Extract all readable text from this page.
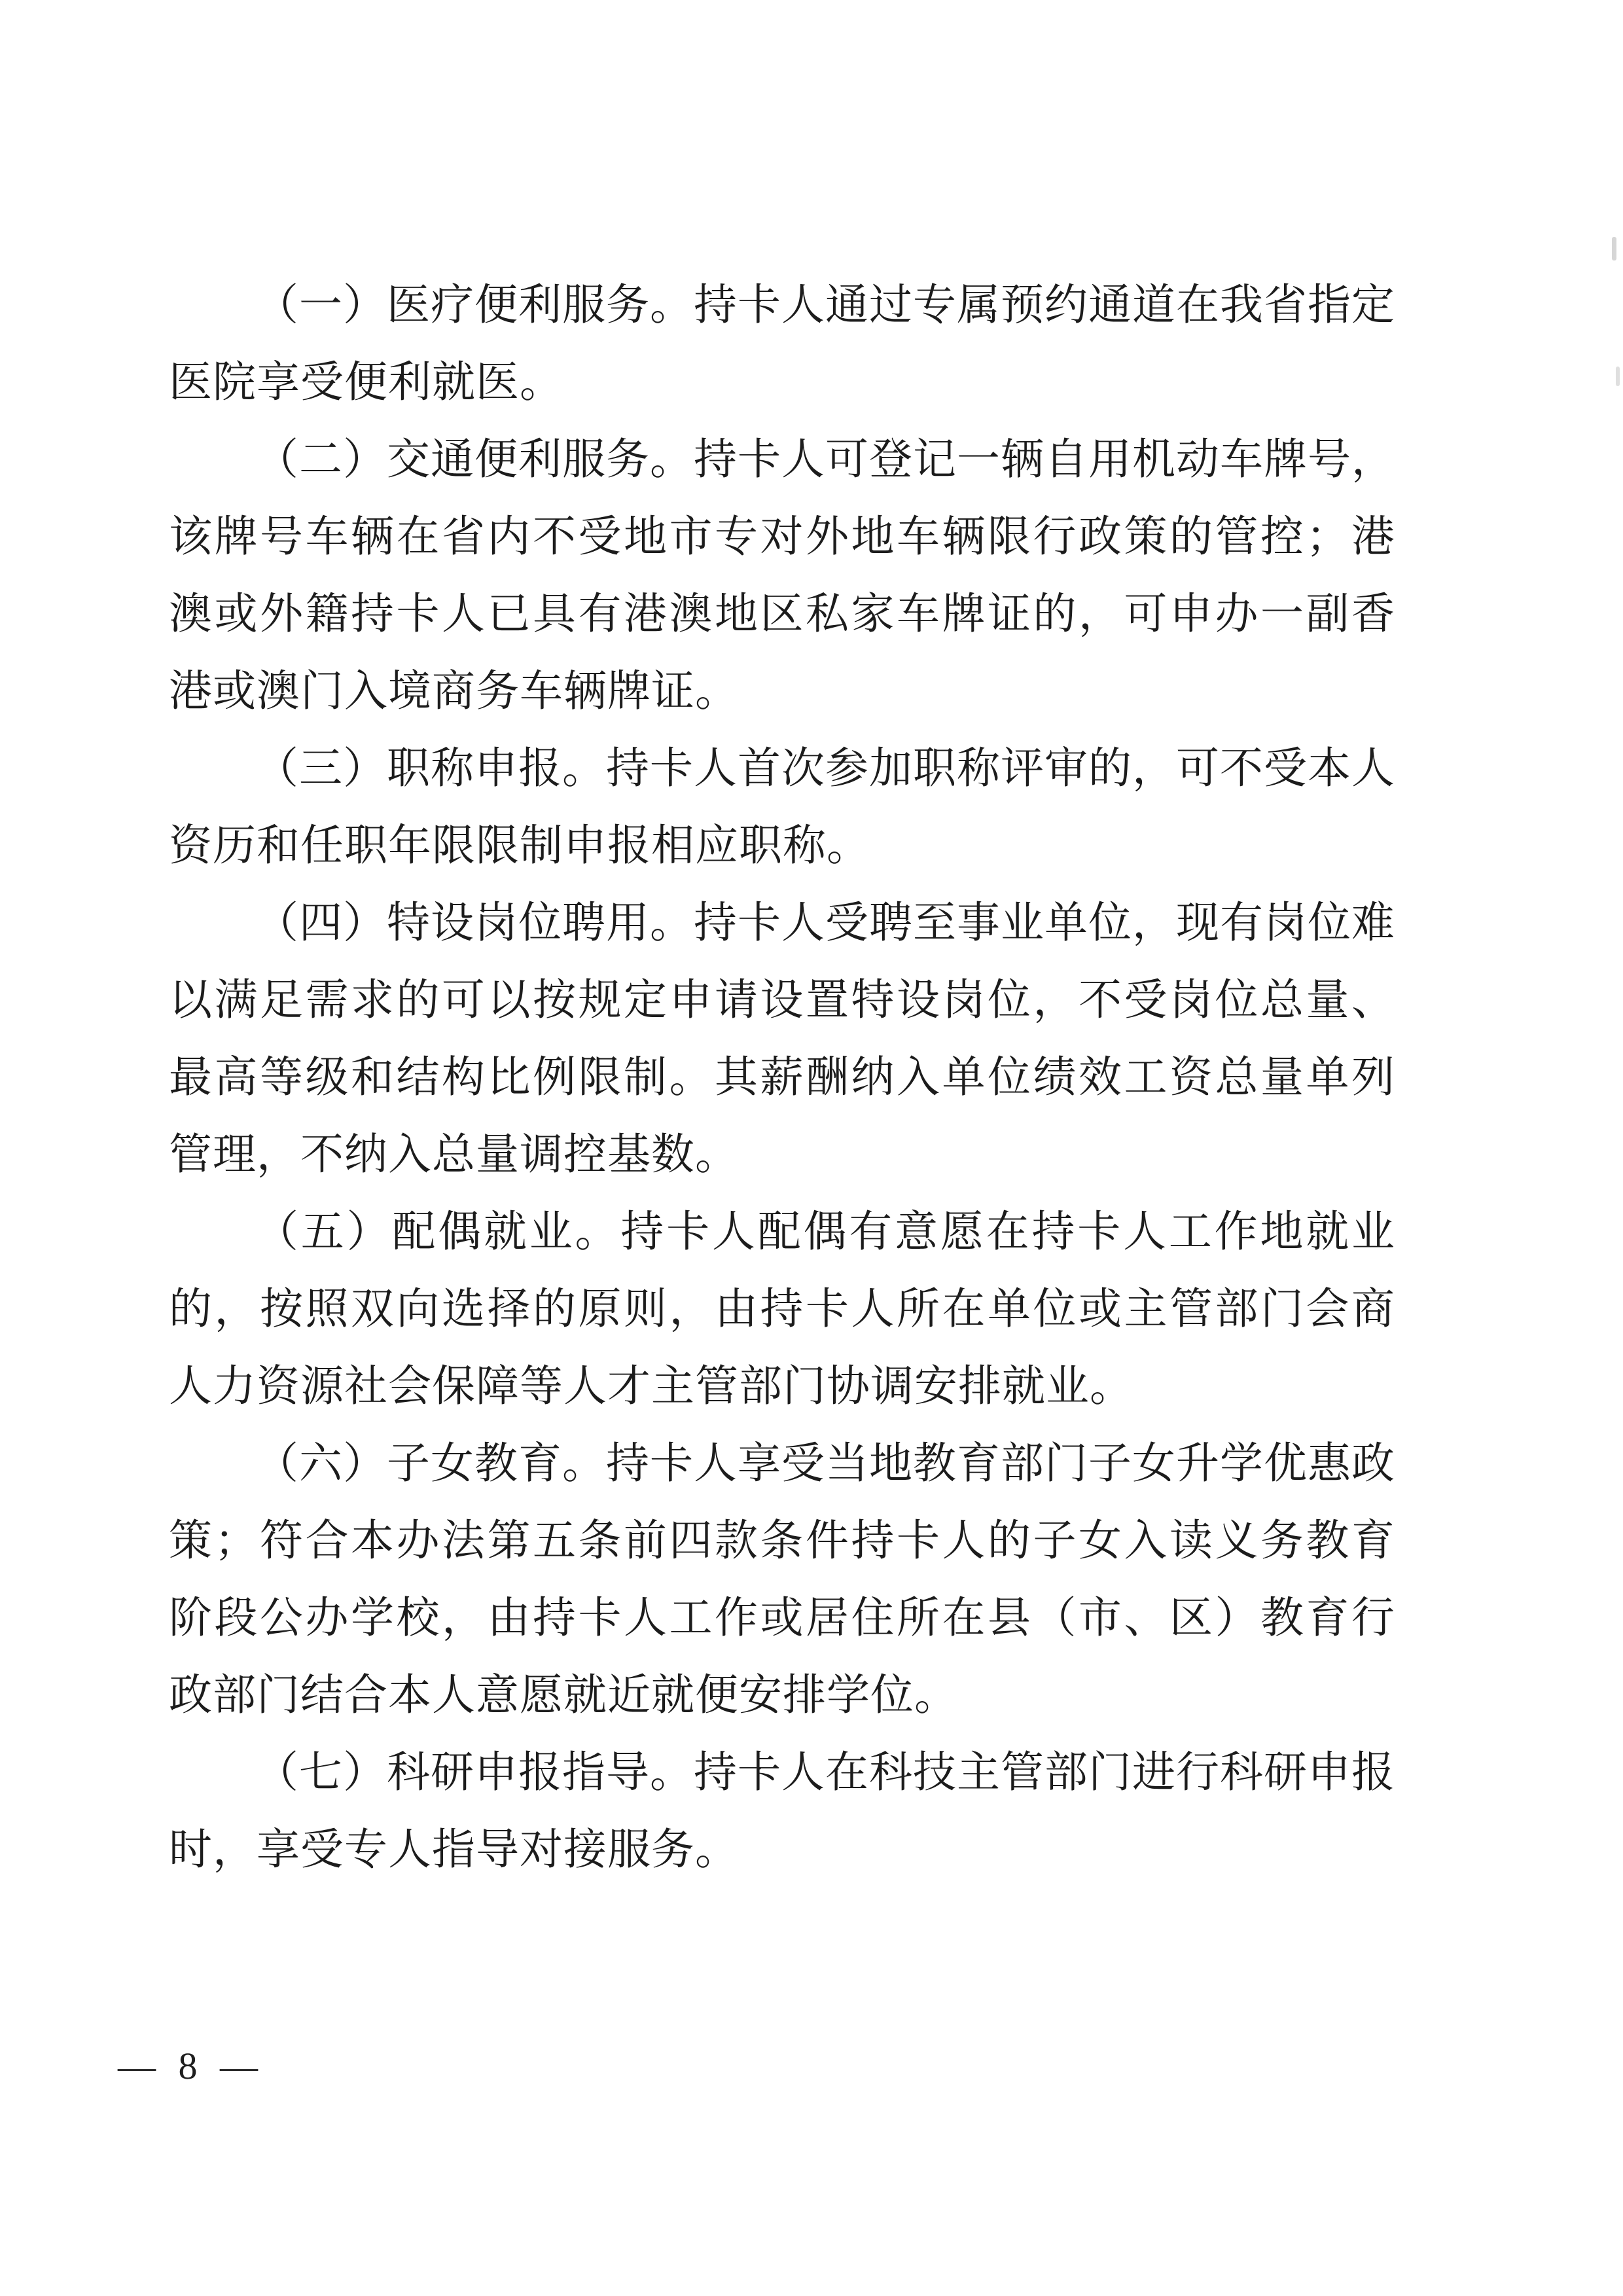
（一）医疗便利服务。持卡人通过专属预约通道在我省指定医院享受便利就医。

（二）交通便利服务。持卡人可登记一辆自用机动车牌号，该牌号车辆在省内不受地市专对外地车辆限行政策的管控；港澳或外籍持卡人已具有港澳地区私家车牌证的，可申办一副香港或澳门入境商务车辆牌证。

（三）职称申报。持卡人首次参加职称评审的，可不受本人资历和任职年限限制申报相应职称。

（四）特设岗位聘用。持卡人受聘至事业单位，现有岗位难以满足需求的可以按规定申请设置特设岗位，不受岗位总量、最高等级和结构比例限制。其薪酬纳入单位绩效工资总量单列管理，不纳入总量调控基数。

（五）配偶就业。持卡人配偶有意愿在持卡人工作地就业的，按照双向选择的原则，由持卡人所在单位或主管部门会商人力资源社会保障等人才主管部门协调安排就业。

（六）子女教育。持卡人享受当地教育部门子女升学优惠政策；符合本办法第五条前四款条件持卡人的子女入读义务教育阶段公办学校，由持卡人工作或居住所在县（市、区）教育行政部门结合本人意愿就近就便安排学位。

（七）科研申报指导。持卡人在科技主管部门进行科研申报时，享受专人指导对接服务。

— 8 —
